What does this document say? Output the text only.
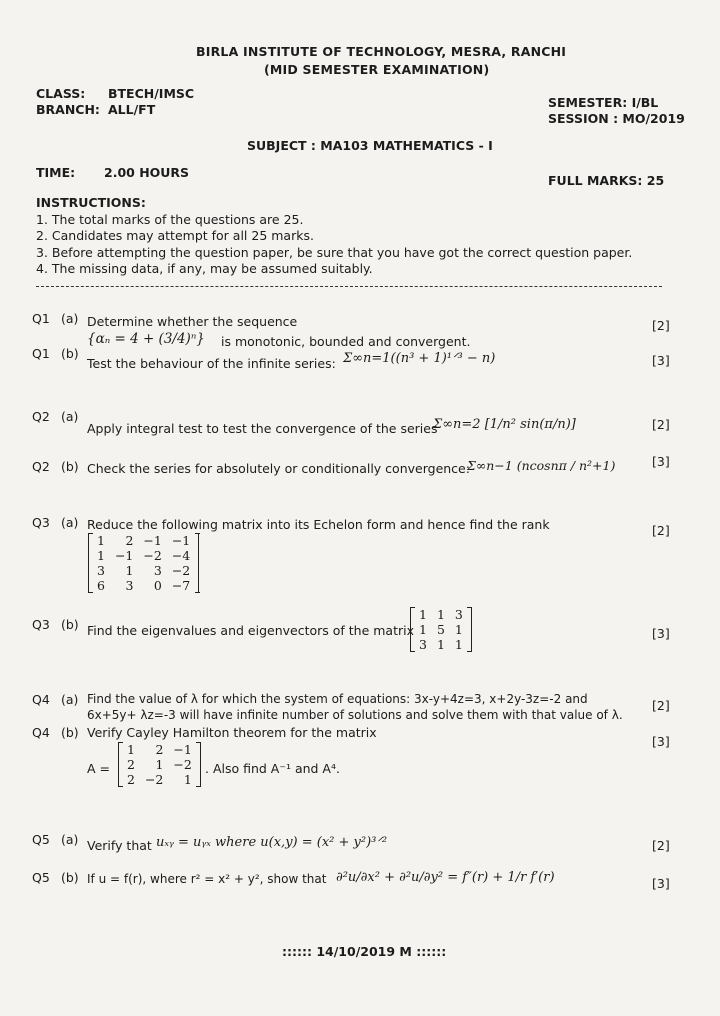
BIRLA INSTITUTE OF TECHNOLOGY, MESRA, RANCHI
(MID SEMESTER EXAMINATION)
CLASS: BTECH/IMSC
BRANCH: ALL/FT	SEMESTER: I/BL
SESSION : MO/2019
SUBJECT : MA103 MATHEMATICS - I
TIME: 2.00 HOURS
FULL MARKS: 25
INSTRUCTIONS:
1. The total marks of the questions are 25.
2. Candidates may attempt for all 25 marks.
3. Before attempting the question paper, be sure that you have got the correct question paper.
4. The missing data, if any, may be assumed suitably.
Q1 (a) Determine whether the sequence
{αₙ = 4 + (3/4)ⁿ} is monotonic, bounded and convergent.
[2]
Q1 (b)
Test the behaviour of the infinite series: Σ∞n=1((n³ + 1)¹ᐟ³ − n)	[3]
Q2 (a)
Apply integral test to test the convergence of the series
Σ∞n=2 [1/n² sin(π/n)]	[2]
Q2 (b) Check the series for absolutely or conditionally convergence:
Σ∞n−1 (ncosnπ / n²+1)	[3]
Q3 (a) Reduce the following matrix into its Echelon form and hence find the rank	[2]
1	2	−1	−1
1	−1	−2	−4
3	1	3	−2
6	3	0	−7
Q3 (b) Find the eigenvalues and eigenvectors of the matrix
1	1	3
1	5	1
3	1	1
[3]
Q4 (a) Find the value of λ for which the system of equations: 3x-y+4z=3, x+2y-3z=-2 and
6x+5y+ λz=-3 will have infinite number of solutions and solve them with that value of λ.
[2]
Q4 (b) Verify Cayley Hamilton theorem for the matrix
[3]
A =
1	2	−1
2	1	−2
2	−2	1
. Also find A⁻¹ and A⁴.
Q5 (a) Verify that uₓᵧ = uᵧₓ where u(x,y) = (x² + y²)³ᐟ²	[2]
Q5 (b) If u = f(r), where r² = x² + y², show that ∂²u/∂x² + ∂²u/∂y² = f″(r) + 1/r f′(r)	[3]
:::::: 14/10/2019 M ::::::
